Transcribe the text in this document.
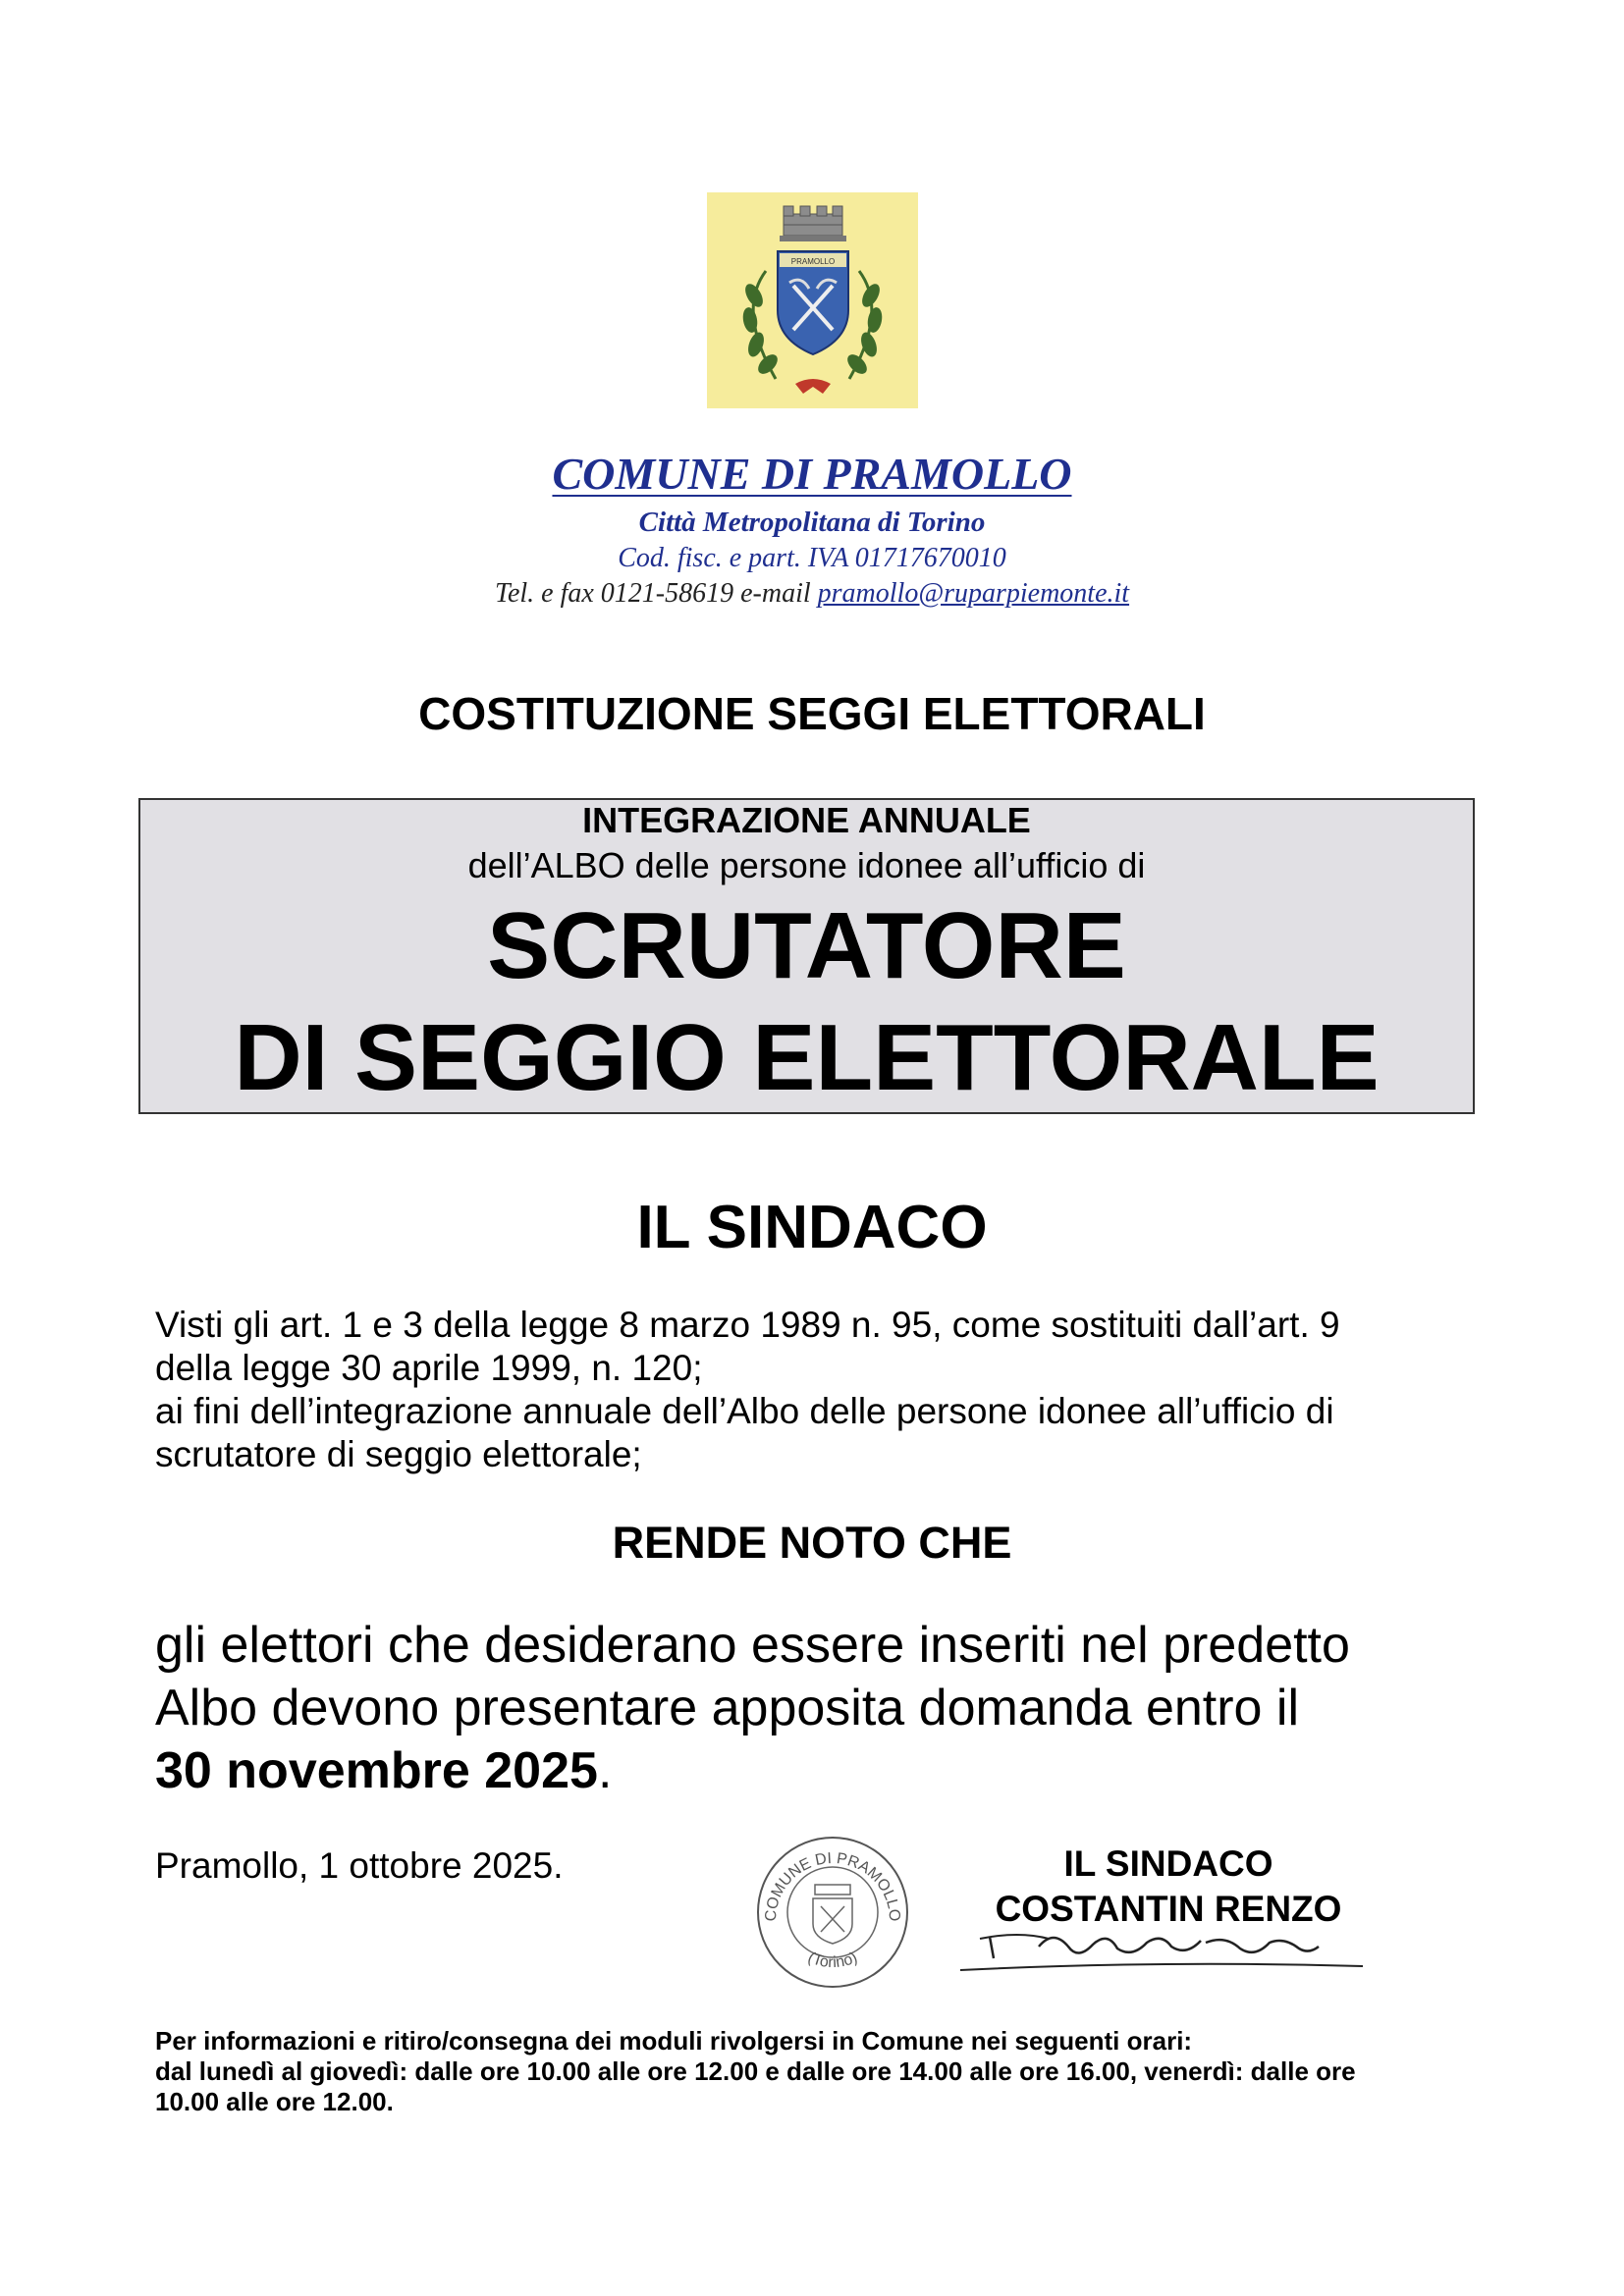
PRAMOLLO
COMUNE DI PRAMOLLO
Città Metropolitana di Torino
Cod. fisc. e part. IVA 01717670010
Tel. e fax 0121-58619 e-mail pramollo@ruparpiemonte.it
COSTITUZIONE SEGGI ELETTORALI
INTEGRAZIONE ANNUALE
dell’ALBO delle persone idonee all’ufficio di
SCRUTATORE
DI SEGGIO ELETTORALE
IL SINDACO
Visti gli art. 1 e 3 della legge 8 marzo 1989 n. 95, come sostituiti dall’art. 9
della legge 30 aprile 1999, n. 120;
ai fini dell’integrazione annuale dell’Albo delle persone idonee all’ufficio di
scrutatore di seggio elettorale;
RENDE NOTO CHE
gli elettori che desiderano essere inseriti nel predetto
Albo devono presentare apposita domanda entro il
30 novembre 2025.
Pramollo, 1 ottobre 2025.
COMUNE DI PRAMOLLO
(Torino)
IL SINDACO
COSTANTIN RENZO
Per informazioni e ritiro/consegna dei moduli rivolgersi in Comune nei seguenti orari:
dal lunedì al giovedì: dalle ore 10.00 alle ore 12.00 e dalle ore 14.00 alle ore 16.00, venerdì: dalle ore
10.00 alle ore 12.00.
